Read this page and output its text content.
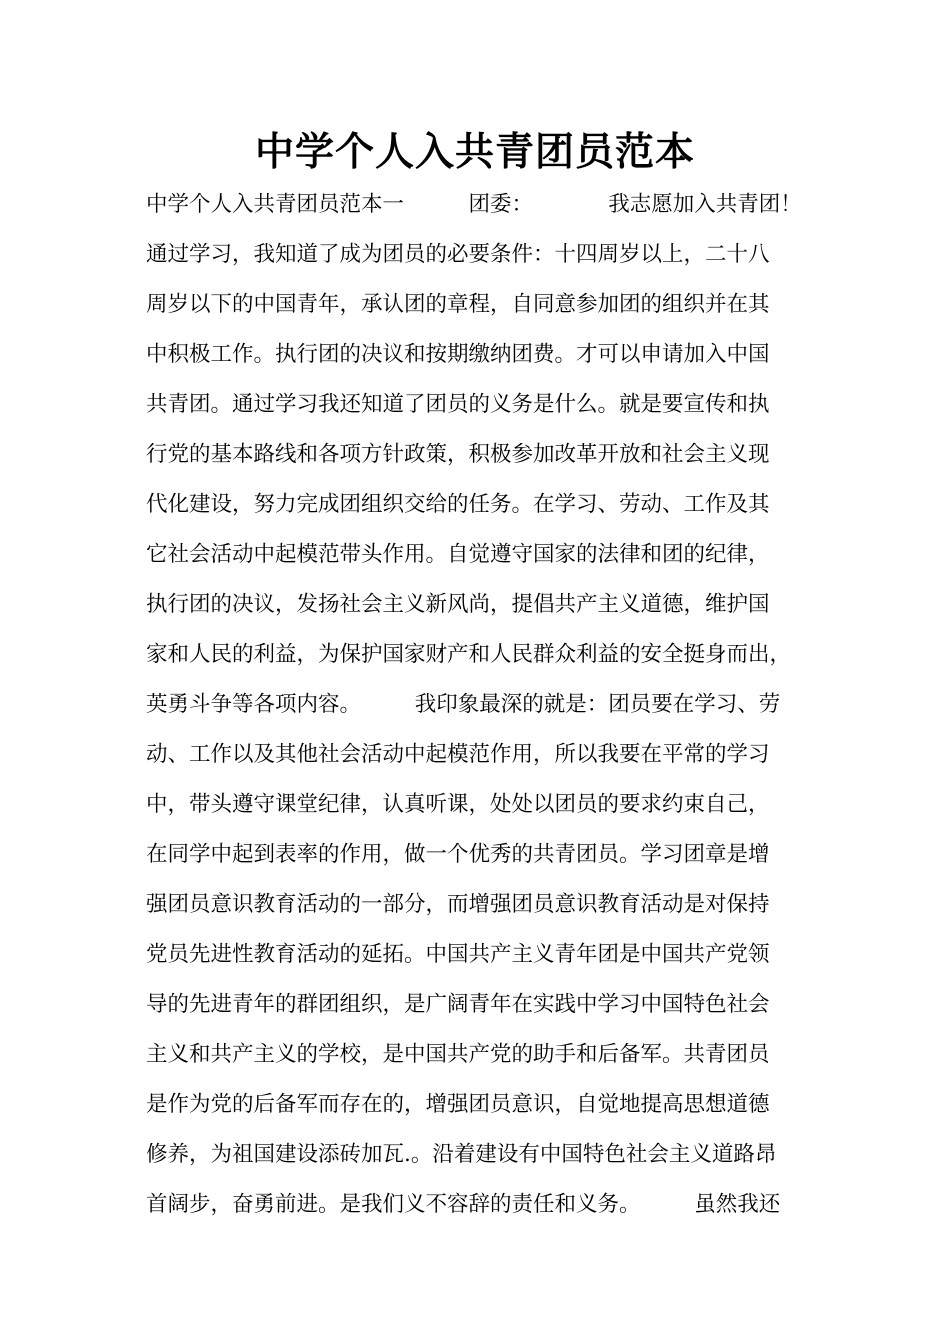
中学个人入共青团员范本
中学个人入共青团员范本一　　　团委：　　　　我志愿加入共青团！
通过学习，我知道了成为团员的必要条件：十四周岁以上，二十八
周岁以下的中国青年，承认团的章程，自同意参加团的组织并在其
中积极工作。执行团的决议和按期缴纳团费。才可以申请加入中国
共青团。通过学习我还知道了团员的义务是什么。就是要宣传和执
行党的基本路线和各项方针政策，积极参加改革开放和社会主义现
代化建设，努力完成团组织交给的任务。在学习、劳动、工作及其
它社会活动中起模范带头作用。自觉遵守国家的法律和团的纪律，
执行团的决议，发扬社会主义新风尚，提倡共产主义道德，维护国
家和人民的利益，为保护国家财产和人民群众利益的安全挺身而出，
英勇斗争等各项内容。　　　我印象最深的就是：团员要在学习、劳
动、工作以及其他社会活动中起模范作用，所以我要在平常的学习
中，带头遵守课堂纪律，认真听课，处处以团员的要求约束自己，
在同学中起到表率的作用，做一个优秀的共青团员。学习团章是增
强团员意识教育活动的一部分，而增强团员意识教育活动是对保持
党员先进性教育活动的延拓。中国共产主义青年团是中国共产党领
导的先进青年的群团组织，是广阔青年在实践中学习中国特色社会
主义和共产主义的学校，是中国共产党的助手和后备军。共青团员
是作为党的后备军而存在的，增强团员意识，自觉地提高思想道德
修养，为祖国建设添砖加瓦.。沿着建设有中国特色社会主义道路昂
首阔步，奋勇前进。是我们义不容辞的责任和义务。　　　虽然我还
